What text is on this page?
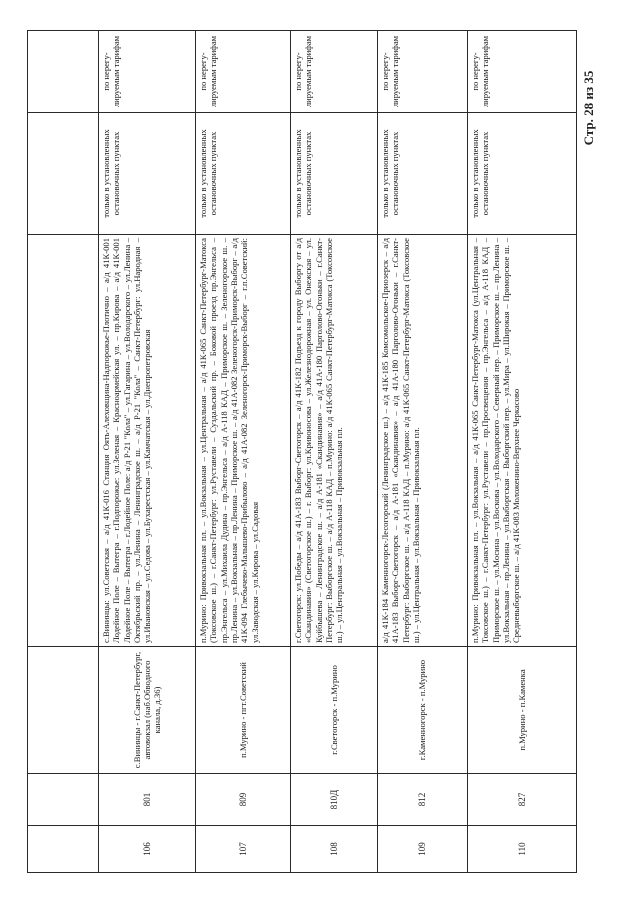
Стр. 28 из 35

106	801	с.Вининцы - г.Санкт-Петербург, автовокзал (наб.Обводного канала, д.36)	с.Вининцы: ул.Советская – а/д 41К-016 Станция Оять-Алеховщина-Надпорожье-Плотично – а/д 41К-001 Лодейное Поле – Вытегра – г.Подпорожье: ул.Зеленая – Красноармейская ул. – пр.Кирова – а/д 41К-001 Лодейное Поле – Вытегра – г.Лодейное Поле: а/д Р-21 "Кола" – ул.Гагарина – ул.Володарского – ул.Ленина – Октябрьский пр. – ул.Ленина – Ленинградское ш. – а/д Р-21 "Кола" – Санкт-Петербург: ул.Народная – ул.Ивановская – ул.Седова – ул.Бухарестская – ул.Камчатская – ул.Днепропетровская	только в установленных остановочных пунктах	по нерегу-лируемым тарифам
107	809	п.Мурино - пгт.Советский	п.Мурино: Привокзальная пл. – ул.Вокзальная – ул.Центральная – а/д 41К-065 Санкт-Петербург-Матокса (Токсовское ш.) – г.Санкт-Петербург: ул.Руставели – Суздальский пр. – Боковой проезд пр.Энгельса – пр.Энгельса – ул.Михаила Дудина – пр.Энгельса – а/д А-118 КАД – Приморское ш. – Зеленогорское ш. – пр.Ленина – ул.Вокзальная – пр.Ленина – Приморское ш. – а/д 41А-082 Зеленогорск-Приморск-Выборг – а/д 41К-094 Глебычево-Малышево-Прибылово – а/д 41А-082 Зеленогорск-Приморск-Выборг – г.п.Советский: ул.Заводская – ул.Кирова – ул.Садовая	только в установленных остановочных пунктах	по нерегу-лируемым тарифам
108	810Д	г.Светогорск - п.Мурино	г.Светогорск: ул.Победы – а/д 41А-183 Выборг-Светогорск – а/д 41К-182 Подъезд к городу Выборгу от а/д «Скандинавия» (Светогорское ш.) – г. Выборг: ул.Кривоносова – ул.Железнодорожная – ул. Онежская – ул. Куйбышева – Ленинградское ш. – а/д А-181 «Скандинавия» – а/д 41А-180 Парголово-Огоньки – г.Санкт-Петербург: Выборгское ш. – а/д А-118 КАД – п.Мурино: а/д 41К-065 Санкт-Петербург-Матокса (Токсовское ш.) – ул.Центральная – ул.Вокзальная – Привокзальная пл.	только в установленных остановочных пунктах	по нерегу-лируемым тарифам
109	812	г.Каменногорск - п.Мурино	а/д 41К-184 Каменногорск-Лесогорский (Ленинградское ш.) – а/д 41К-185 Комсомольское-Приозерск – а/д 41А-183 Выборг-Светогорск – а/д А-181 «Скандинавия» – а/д 41А-180 Парголово-Огоньки – г.Санкт-Петербург: Выборгское ш. – а/д А-118 КАД – п.Мурино: а/д 41К-065 Санкт-Петербург-Матокса (Токсовское ш.) – ул.Центральная – ул.Вокзальная – Привокзальная пл.	только в установленных остановочных пунктах	по нерегу-лируемым тарифам
110	827	п.Мурино - п.Каменка	п.Мурино: Привокзальная пл. – ул.Вокзальная – а/д 41К-065 Санкт-Петербург-Матокса (ул.Центральная – Токсовское ш.) – г.Санкт-Петербург: ул.Руставели – пр.Просвещения – пр.Энгельса – а/д А-118 КАД – Приморское ш. – ул.Мосина – ул.Воскова – ул.Володарского – Северный пер. – Приморское ш. – пр.Ленина – ул.Вокзальная – пр.Ленина – ул.Выборгская – Выборгский пер. – ул.Мира – ул.Широкая – Приморское ш. – Средневыборгское ш. – а/д 41К-083 Моложенино-Верхнее Черкасово	только в установленных остановочных пунктах	по нерегу-лируемым тарифам
